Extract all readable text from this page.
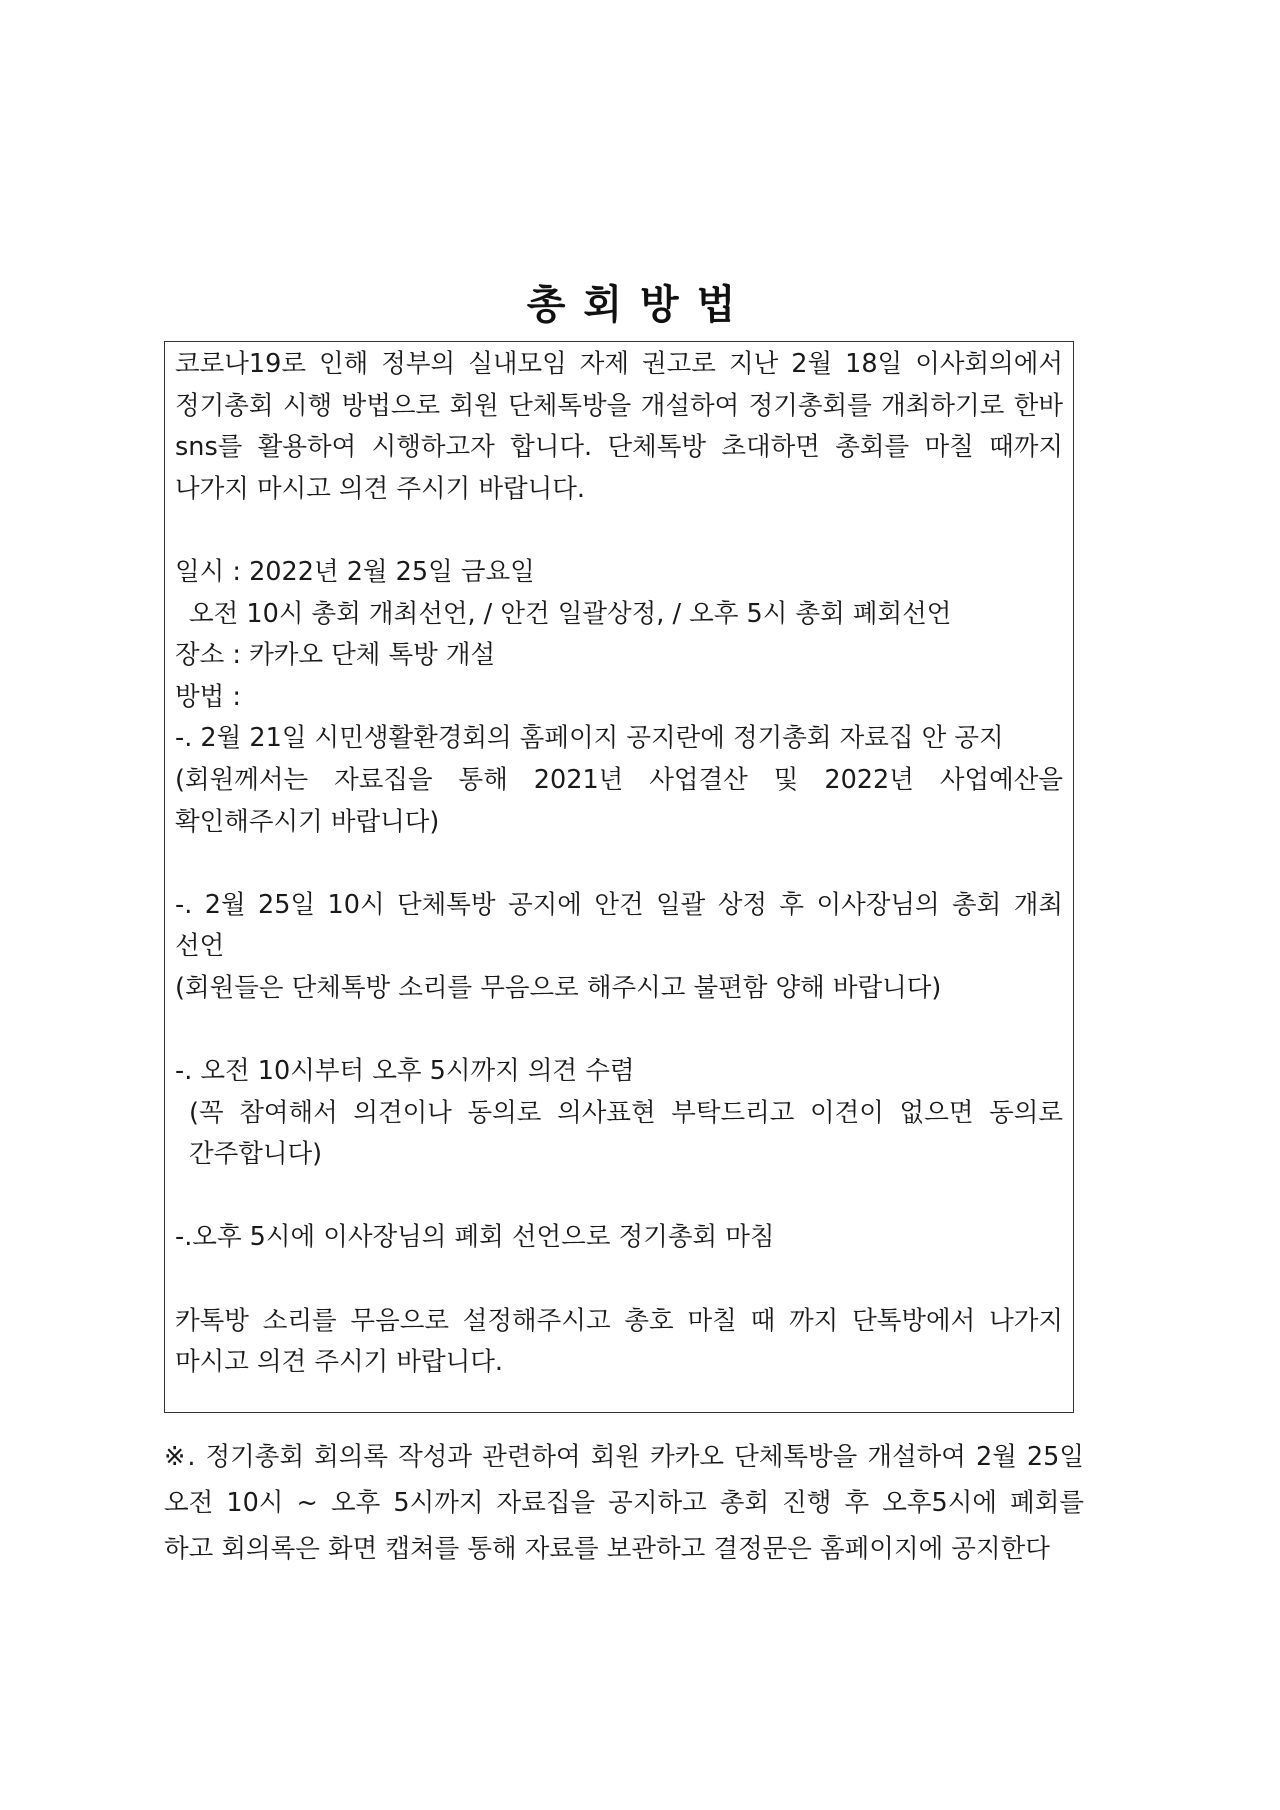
총회방법

코로나19로 인해 정부의 실내모임 자제 권고로 지난 2월 18일 이사회의에서 정기총회 시행 방법으로 회원 단체톡방을 개설하여 정기총회를 개최하기로 한바 sns를 활용하여 시행하고자 합니다. 단체톡방 초대하면 총회를 마칠 때까지 나가지 마시고 의견 주시기 바랍니다.

일시 : 2022년 2월 25일 금요일

오전 10시 총회 개최선언, / 안건 일괄상정, / 오후 5시 총회 폐회선언

장소 : 카카오 단체 톡방 개설

방법 :

-. 2월 21일 시민생활환경회의 홈페이지 공지란에 정기총회 자료집 안 공지

(회원께서는 자료집을 통해 2021년 사업결산 및 2022년 사업예산을 확인해주시기 바랍니다)

-. 2월 25일 10시 단체톡방 공지에 안건 일괄 상정 후 이사장님의 총회 개최 선언

(회원들은 단체톡방 소리를 무음으로 해주시고 불편함 양해 바랍니다)

-. 오전 10시부터 오후 5시까지 의견 수렴

(꼭 참여해서 의견이나 동의로 의사표현 부탁드리고 이견이 없으면 동의로 간주합니다)

-.오후 5시에 이사장님의 폐회 선언으로 정기총회 마침

카톡방 소리를 무음으로 설정해주시고 총호 마칠 때 까지 단톡방에서 나가지 마시고 의견 주시기 바랍니다.

※. 정기총회 회의록 작성과 관련하여 회원 카카오 단체톡방을 개설하여 2월 25일 오전 10시 ~ 오후 5시까지 자료집을 공지하고 총회 진행 후 오후5시에 폐회를 하고 회의록은 화면 캡쳐를 통해 자료를 보관하고 결정문은 홈페이지에 공지한다
